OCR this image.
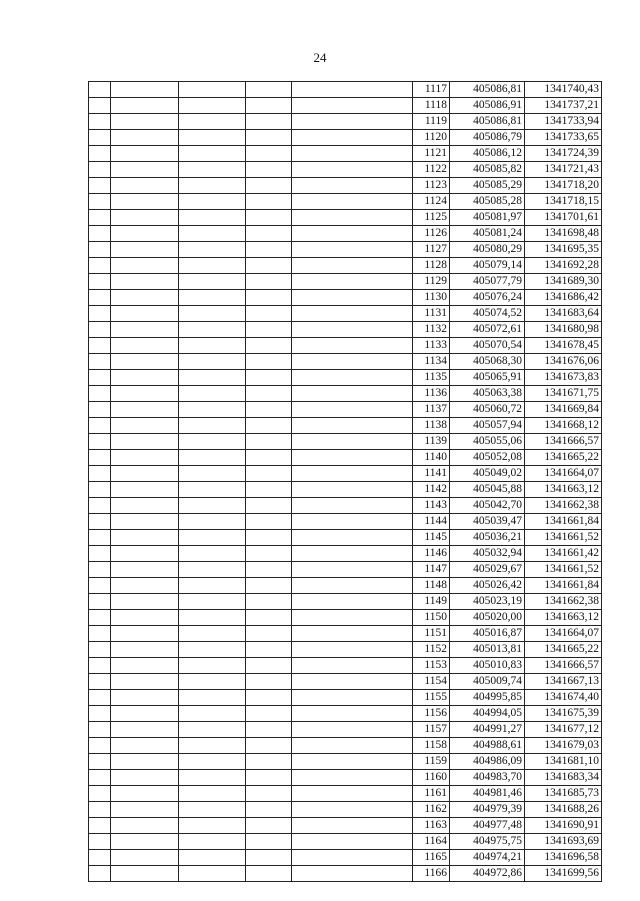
24
					1117	405086,81	1341740,43
					1118	405086,91	1341737,21
					1119	405086,81	1341733,94
					1120	405086,79	1341733,65
					1121	405086,12	1341724,39
					1122	405085,82	1341721,43
					1123	405085,29	1341718,20
					1124	405085,28	1341718,15
					1125	405081,97	1341701,61
					1126	405081,24	1341698,48
					1127	405080,29	1341695,35
					1128	405079,14	1341692,28
					1129	405077,79	1341689,30
					1130	405076,24	1341686,42
					1131	405074,52	1341683,64
					1132	405072,61	1341680,98
					1133	405070,54	1341678,45
					1134	405068,30	1341676,06
					1135	405065,91	1341673,83
					1136	405063,38	1341671,75
					1137	405060,72	1341669,84
					1138	405057,94	1341668,12
					1139	405055,06	1341666,57
					1140	405052,08	1341665,22
					1141	405049,02	1341664,07
					1142	405045,88	1341663,12
					1143	405042,70	1341662,38
					1144	405039,47	1341661,84
					1145	405036,21	1341661,52
					1146	405032,94	1341661,42
					1147	405029,67	1341661,52
					1148	405026,42	1341661,84
					1149	405023,19	1341662,38
					1150	405020,00	1341663,12
					1151	405016,87	1341664,07
					1152	405013,81	1341665,22
					1153	405010,83	1341666,57
					1154	405009,74	1341667,13
					1155	404995,85	1341674,40
					1156	404994,05	1341675,39
					1157	404991,27	1341677,12
					1158	404988,61	1341679,03
					1159	404986,09	1341681,10
					1160	404983,70	1341683,34
					1161	404981,46	1341685,73
					1162	404979,39	1341688,26
					1163	404977,48	1341690,91
					1164	404975,75	1341693,69
					1165	404974,21	1341696,58
					1166	404972,86	1341699,56
